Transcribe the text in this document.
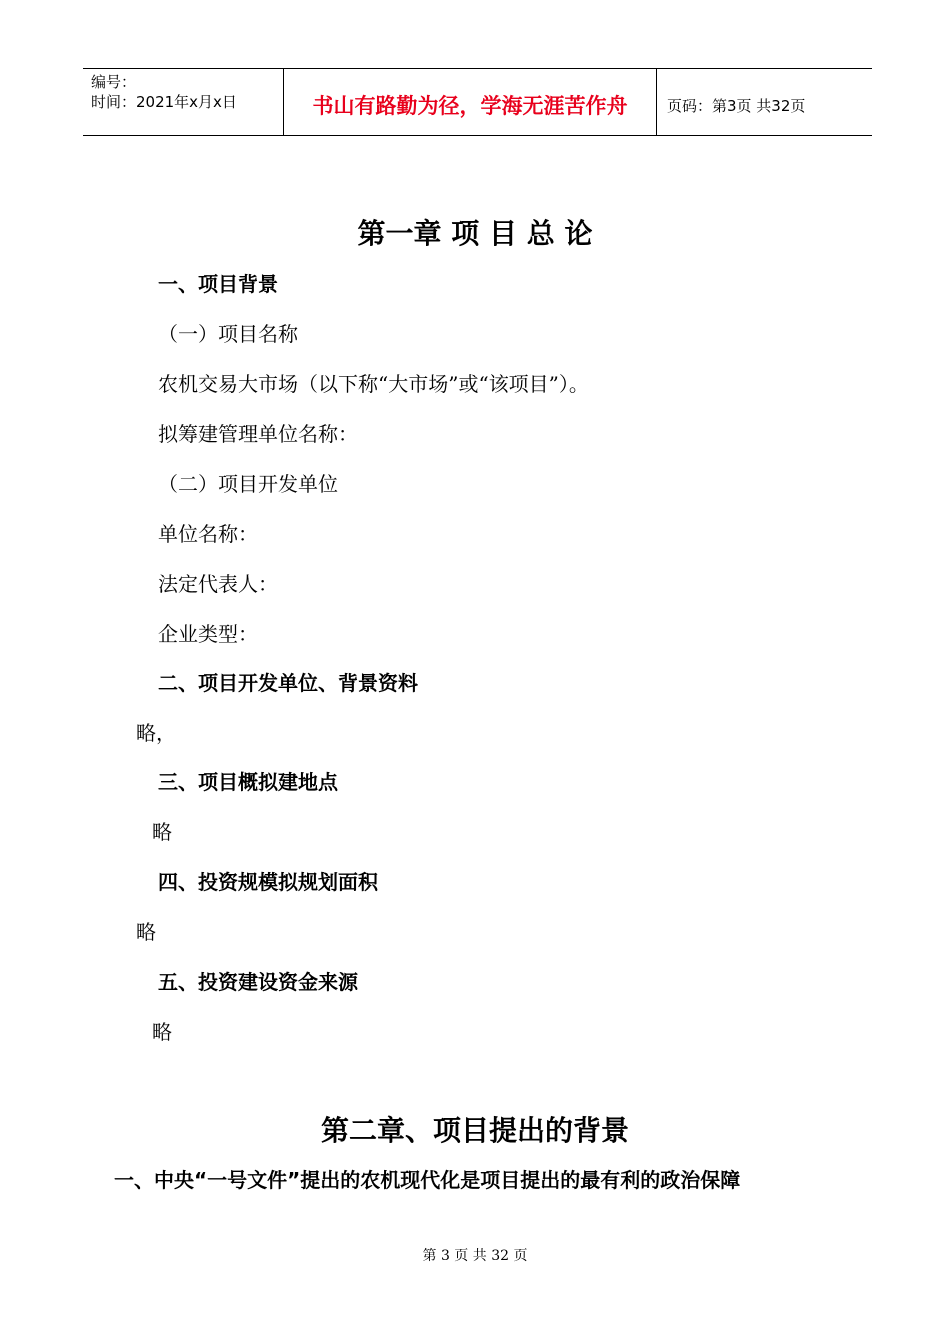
编号：
时间：2021年x月x日	书山有路勤为径，学海无涯苦作舟	页码：第3页 共32页
第一章 项 目 总 论
一、项目背景
（一）项目名称
农机交易大市场（以下称“大市场”或“该项目”）。
拟筹建管理单位名称：
（二）项目开发单位
单位名称：
法定代表人：
企业类型：
二、项目开发单位、背景资料
略，
三、项目概拟建地点
略
四、投资规模拟规划面积
略
五、投资建设资金来源
略
第二章、项目提出的背景
一、中央“一号文件”提出的农机现代化是项目提出的最有利的政治保障
第 3 页 共 32 页
